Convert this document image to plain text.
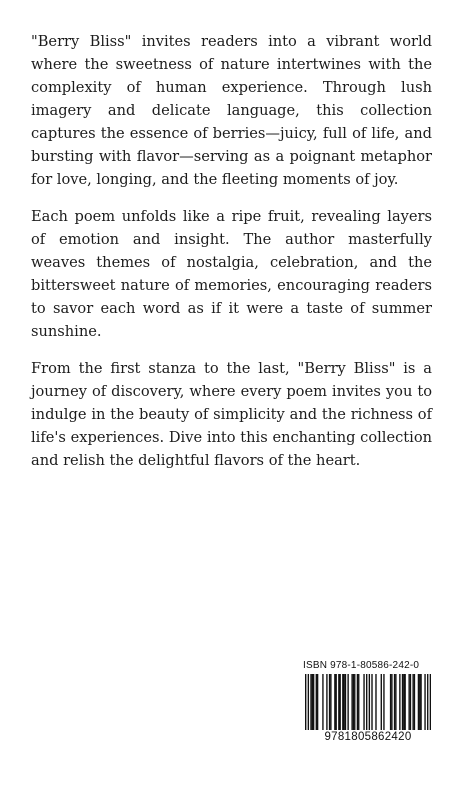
"Berry Bliss" invites readers into a vibrant world where the sweetness of nature intertwines with the complexity of human experience. Through lush imagery and delicate language, this collection captures the essence of berries—juicy, full of life, and bursting with flavor—serving as a poignant metaphor for love, longing, and the fleeting moments of joy.

Each poem unfolds like a ripe fruit, revealing layers of emotion and insight. The author masterfully weaves themes of nostalgia, celebration, and the bittersweet nature of memories, encouraging readers to savor each word as if it were a taste of summer sunshine.

From the first stanza to the last, "Berry Bliss" is a journey of discovery, where every poem invites you to indulge in the beauty of simplicity and the richness of life's experiences. Dive into this enchanting collection and relish the delightful flavors of the heart.

ISBN 978-1-80586-242-0
9781805862420
